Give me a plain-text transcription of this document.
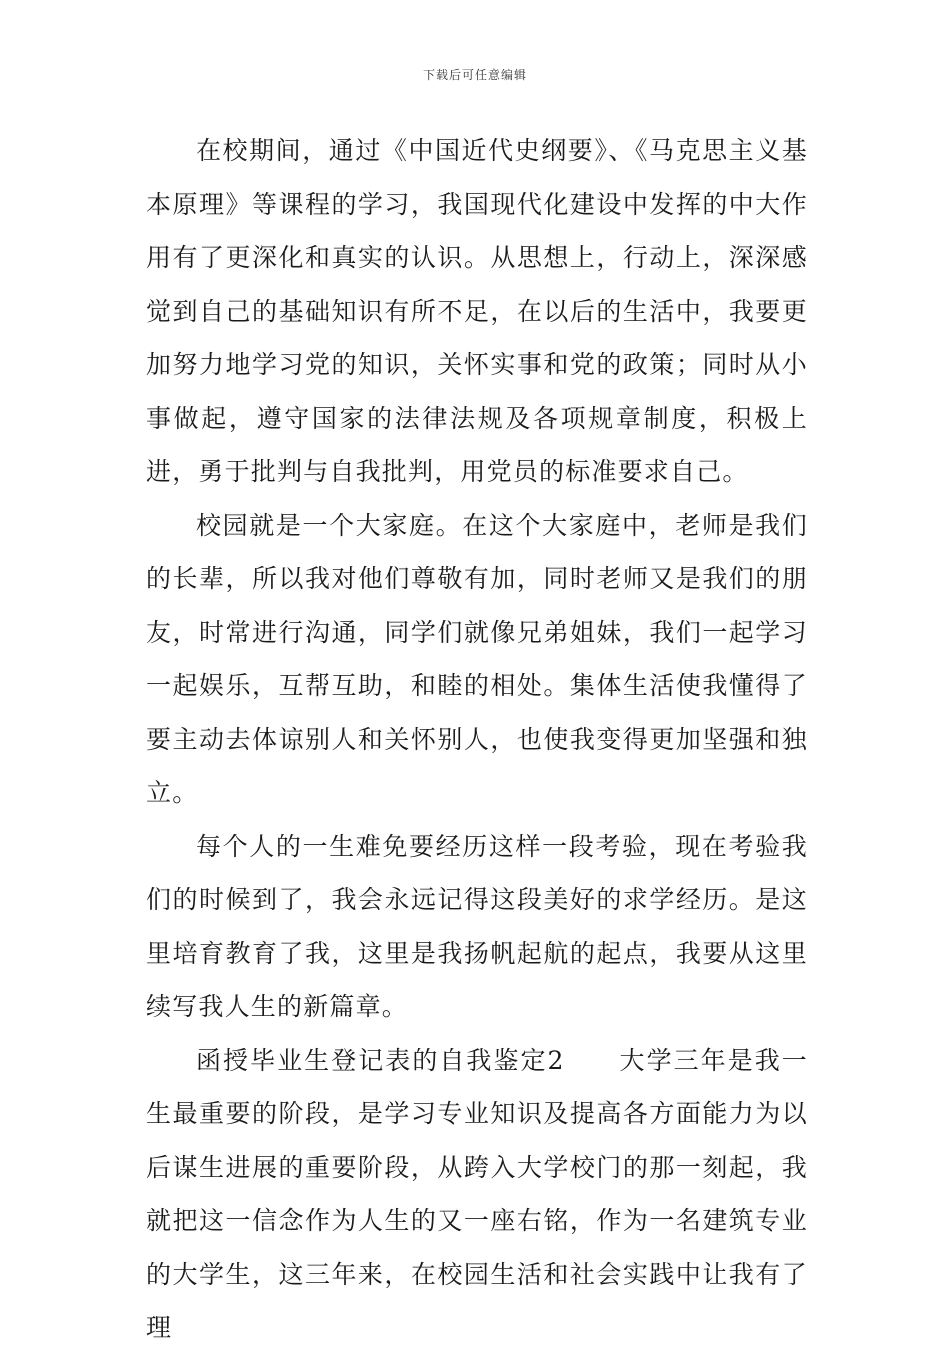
下载后可任意编辑

在校期间，通过《中国近代史纲要》、《马克思主义基本原理》等课程的学习，我国现代化建设中发挥的中大作用有了更深化和真实的认识。从思想上，行动上，深深感觉到自己的基础知识有所不足，在以后的生活中，我要更加努力地学习党的知识，关怀实事和党的政策；同时从小事做起，遵守国家的法律法规及各项规章制度，积极上进，勇于批判与自我批判，用党员的标准要求自己。

校园就是一个大家庭。在这个大家庭中，老师是我们的长辈，所以我对他们尊敬有加，同时老师又是我们的朋友，时常进行沟通，同学们就像兄弟姐妹，我们一起学习一起娱乐，互帮互助，和睦的相处。集体生活使我懂得了要主动去体谅别人和关怀别人，也使我变得更加坚强和独立。

每个人的一生难免要经历这样一段考验，现在考验我们的时候到了，我会永远记得这段美好的求学经历。是这里培育教育了我，这里是我扬帆起航的起点，我要从这里续写我人生的新篇章。

函授毕业生登记表的自我鉴定2　　大学三年是我一生最重要的阶段，是学习专业知识及提高各方面能力为以后谋生进展的重要阶段，从跨入大学校门的那一刻起，我就把这一信念作为人生的又一座右铭，作为一名建筑专业的大学生，这三年来，在校园生活和社会实践中让我有了理
